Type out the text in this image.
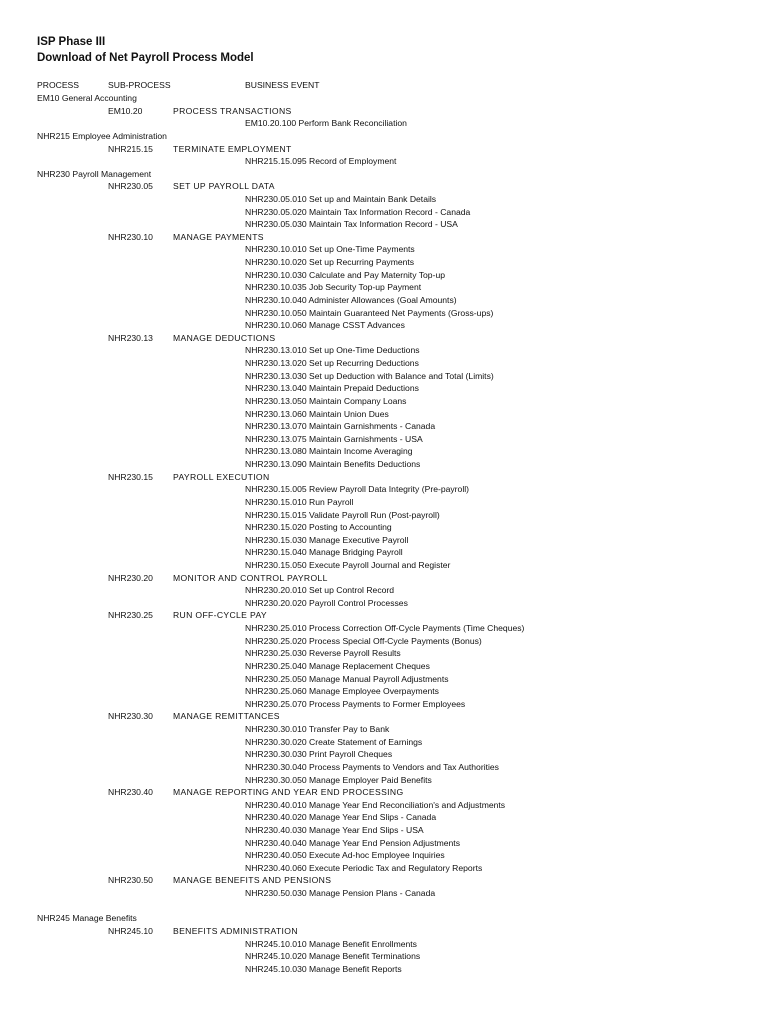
ISP Phase III
Download of Net Payroll Process Model
PROCESS	SUB-PROCESS	BUSINESS EVENT
EM10 General Accounting
EM10.20	PROCESS TRANSACTIONS
EM10.20.100 Perform Bank Reconciliation
NHR215 Employee Administration
NHR215.15 TERMINATE EMPLOYMENT
NHR215.15.095 Record of Employment
NHR230 Payroll Management
NHR230.05 SET UP PAYROLL DATA
NHR230.05.010 Set up and Maintain Bank Details
NHR230.05.020 Maintain Tax Information Record - Canada
NHR230.05.030 Maintain Tax Information Record - USA
NHR230.10 MANAGE PAYMENTS
NHR230.10.010 Set up One-Time Payments
NHR230.10.020 Set up Recurring Payments
NHR230.10.030 Calculate and Pay Maternity Top-up
NHR230.10.035 Job Security Top-up Payment
NHR230.10.040 Administer Allowances (Goal Amounts)
NHR230.10.050 Maintain Guaranteed Net Payments (Gross-ups)
NHR230.10.060 Manage CSST Advances
NHR230.13 MANAGE DEDUCTIONS
NHR230.13.010 Set up One-Time Deductions
NHR230.13.020 Set up Recurring Deductions
NHR230.13.030 Set up Deduction with Balance and Total (Limits)
NHR230.13.040 Maintain Prepaid Deductions
NHR230.13.050 Maintain Company Loans
NHR230.13.060 Maintain Union Dues
NHR230.13.070 Maintain Garnishments - Canada
NHR230.13.075 Maintain Garnishments - USA
NHR230.13.080 Maintain Income Averaging
NHR230.13.090 Maintain Benefits Deductions
NHR230.15 PAYROLL EXECUTION
NHR230.15.005 Review Payroll Data Integrity (Pre-payroll)
NHR230.15.010 Run Payroll
NHR230.15.015 Validate Payroll Run (Post-payroll)
NHR230.15.020 Posting to Accounting
NHR230.15.030 Manage Executive Payroll
NHR230.15.040 Manage Bridging Payroll
NHR230.15.050 Execute Payroll Journal and Register
NHR230.20 MONITOR AND CONTROL PAYROLL
NHR230.20.010 Set up Control Record
NHR230.20.020 Payroll Control Processes
NHR230.25 RUN OFF-CYCLE PAY
NHR230.25.010 Process Correction Off-Cycle Payments (Time Cheques)
NHR230.25.020 Process Special Off-Cycle Payments (Bonus)
NHR230.25.030 Reverse Payroll Results
NHR230.25.040 Manage Replacement Cheques
NHR230.25.050 Manage Manual Payroll Adjustments
NHR230.25.060 Manage Employee Overpayments
NHR230.25.070 Process Payments to Former Employees
NHR230.30 MANAGE REMITTANCES
NHR230.30.010 Transfer Pay to Bank
NHR230.30.020 Create Statement of Earnings
NHR230.30.030 Print Payroll Cheques
NHR230.30.040 Process Payments to Vendors and Tax Authorities
NHR230.30.050 Manage Employer Paid Benefits
NHR230.40 MANAGE REPORTING AND YEAR END PROCESSING
NHR230.40.010 Manage Year End Reconciliation's and Adjustments
NHR230.40.020 Manage Year End Slips - Canada
NHR230.40.030 Manage Year End Slips - USA
NHR230.40.040 Manage Year End Pension Adjustments
NHR230.40.050 Execute Ad-hoc Employee Inquiries
NHR230.40.060 Execute Periodic Tax and Regulatory Reports
NHR230.50 MANAGE BENEFITS AND PENSIONS
NHR230.50.030 Manage Pension Plans - Canada
NHR245 Manage Benefits
NHR245.10 BENEFITS ADMINISTRATION
NHR245.10.010 Manage Benefit Enrollments
NHR245.10.020 Manage Benefit Terminations
NHR245.10.030 Manage Benefit Reports
